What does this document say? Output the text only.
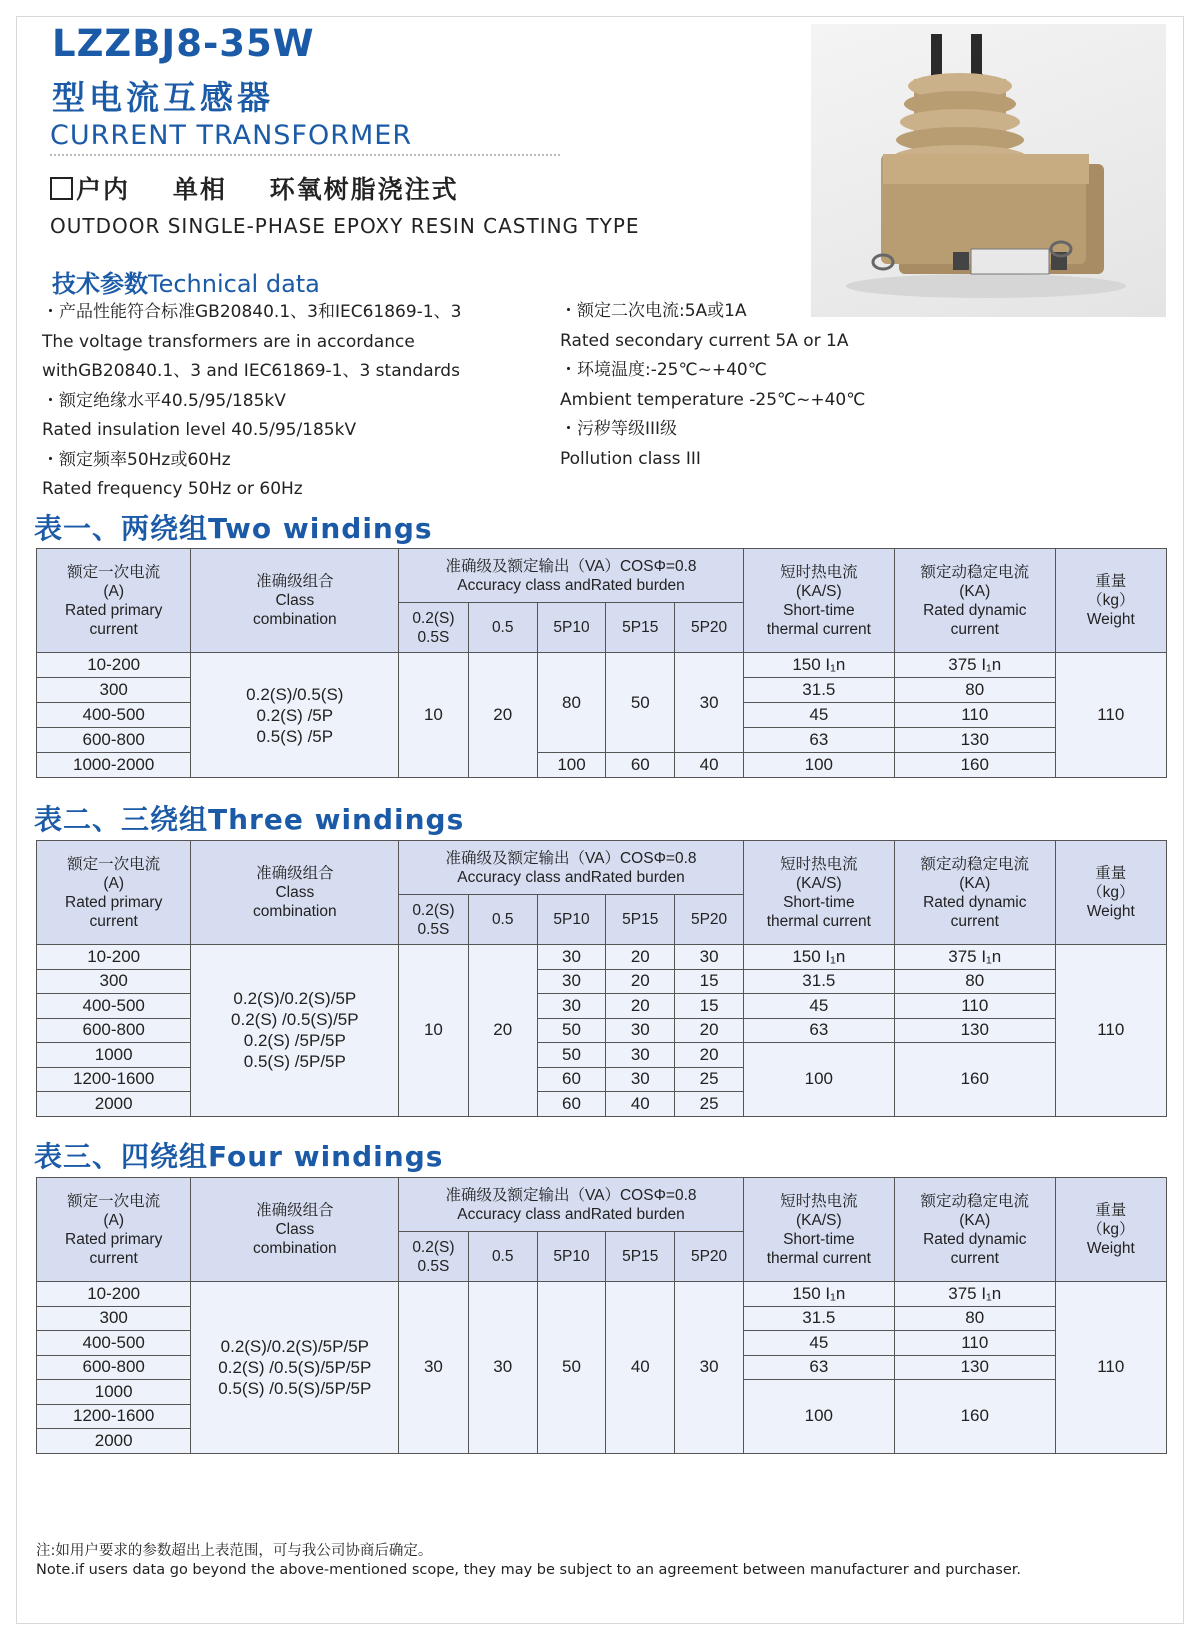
LZZBJ8-35W
型电流互感器
CURRENT TRANSFORMER
户内    单相    环氧树脂浇注式
OUTDOOR SINGLE-PHASE EPOXY RESIN CASTING TYPE
技术参数Technical data
・产品性能符合标准GB20840.1、3和IEC61869-1、3
The voltage transformers are in accordance
withGB20840.1、3 and IEC61869-1、3 standards
・额定绝缘水平40.5/95/185kV
Rated insulation level 40.5/95/185kV
・额定频率50Hz或60Hz
Rated frequency 50Hz or 60Hz
・额定二次电流:5A或1A
Rated secondary current 5A or 1A
・环境温度:-25℃~+40℃
Ambient temperature -25℃~+40℃
・污秽等级III级
Pollution class III
表一、两绕组Two windings
额定一次电流
(A)
Rated primary
current	准确级组合
Class
combination	准确级及额定输出（VA）COSΦ=0.8
Accuracy class andRated burden					短时热电流
(KA/S)
Short-time
thermal current	额定动稳定电流
(KA)
Rated dynamic
current	重量
（kg）
Weight
		0.2(S)
0.5S	0.5	5P10	5P15	5P20			
10-200	0.2(S)/0.5(S)
0.2(S) /5P
0.5(S) /5P	10	20	80	50	30	150 I₁n	375 I₁n	110
300							31.5	80	
400-500							45	110	
600-800							63	130	
1000-2000				100	60	40	100	160	
表二、三绕组Three windings
额定一次电流
(A)
Rated primary
current	准确级组合
Class
combination	准确级及额定输出（VA）COSΦ=0.8
Accuracy class andRated burden					短时热电流
(KA/S)
Short-time
thermal current	额定动稳定电流
(KA)
Rated dynamic
current	重量
（kg）
Weight
		0.2(S)
0.5S	0.5	5P10	5P15	5P20			
10-200	0.2(S)/0.2(S)/5P
0.2(S) /0.5(S)/5P
0.2(S) /5P/5P
0.5(S) /5P/5P	10	20	30	20	30	150 I₁n	375 I₁n	110
300				30	20	15	31.5	80	
400-500				30	20	15	45	110	
600-800				50	30	20	63	130	
1000				50	30	20	100	160	
1200-1600				60	30	25			
2000				60	40	25			
表三、四绕组Four windings
额定一次电流
(A)
Rated primary
current	准确级组合
Class
combination	准确级及额定输出（VA）COSΦ=0.8
Accuracy class andRated burden					短时热电流
(KA/S)
Short-time
thermal current	额定动稳定电流
(KA)
Rated dynamic
current	重量
（kg）
Weight
		0.2(S)
0.5S	0.5	5P10	5P15	5P20			
10-200	0.2(S)/0.2(S)/5P/5P
0.2(S) /0.5(S)/5P/5P
0.5(S) /0.5(S)/5P/5P	30	30	50	40	30	150 I₁n	375 I₁n	110
300							31.5	80	
400-500							45	110	
600-800							63	130	
1000							100	160	
1200-1600									
2000									
注:如用户要求的参数超出上表范围，可与我公司协商后确定。
Note.if users data go beyond the above-mentioned scope, they may be subject to an agreement between manufacturer and purchaser.
